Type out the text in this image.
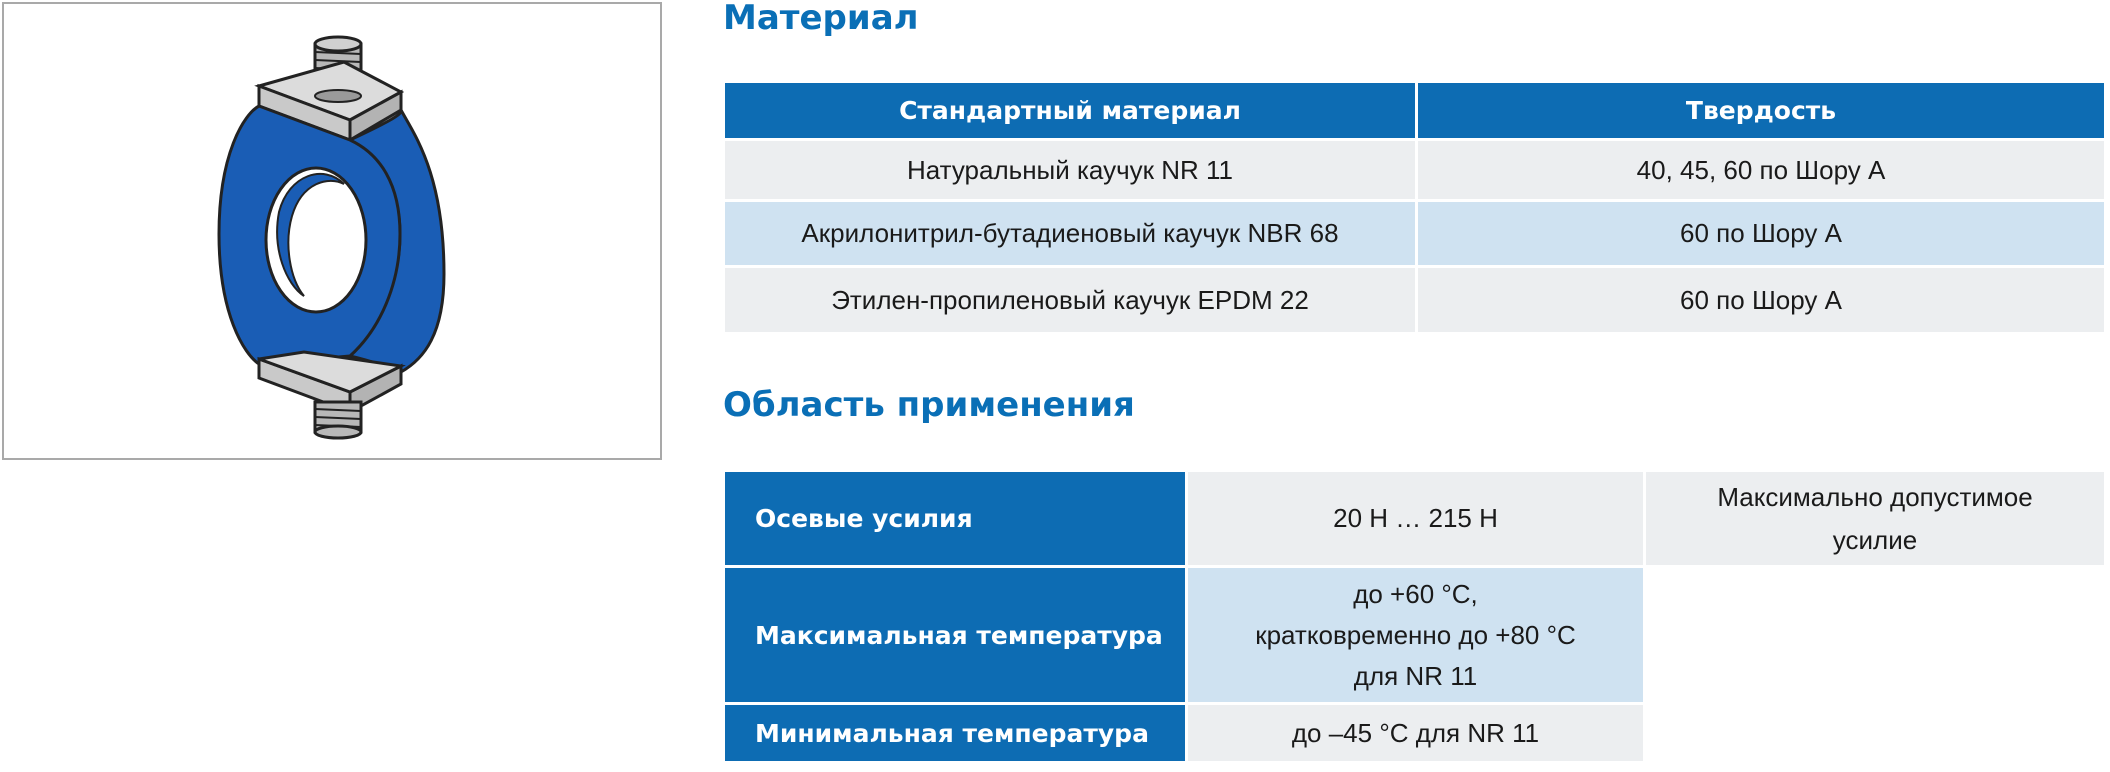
Материал
Стандартный материал	Твердость
Натуральный каучук NR 11	40, 45, 60 по Шору A
Акрилонитрил-бутадиеновый каучук NBR 68	60 по Шору A
Этилен-пропиленовый каучук EPDM 22	60 по Шору A
Область применения
Осевые усилия	20 Н … 215 Н	Максимально допустимое
усилие

Максимальная температура	до +60 °C,
кратковременно до +80 °C
для NR 11	

Минимальная температура	до –45 °C для NR 11	
